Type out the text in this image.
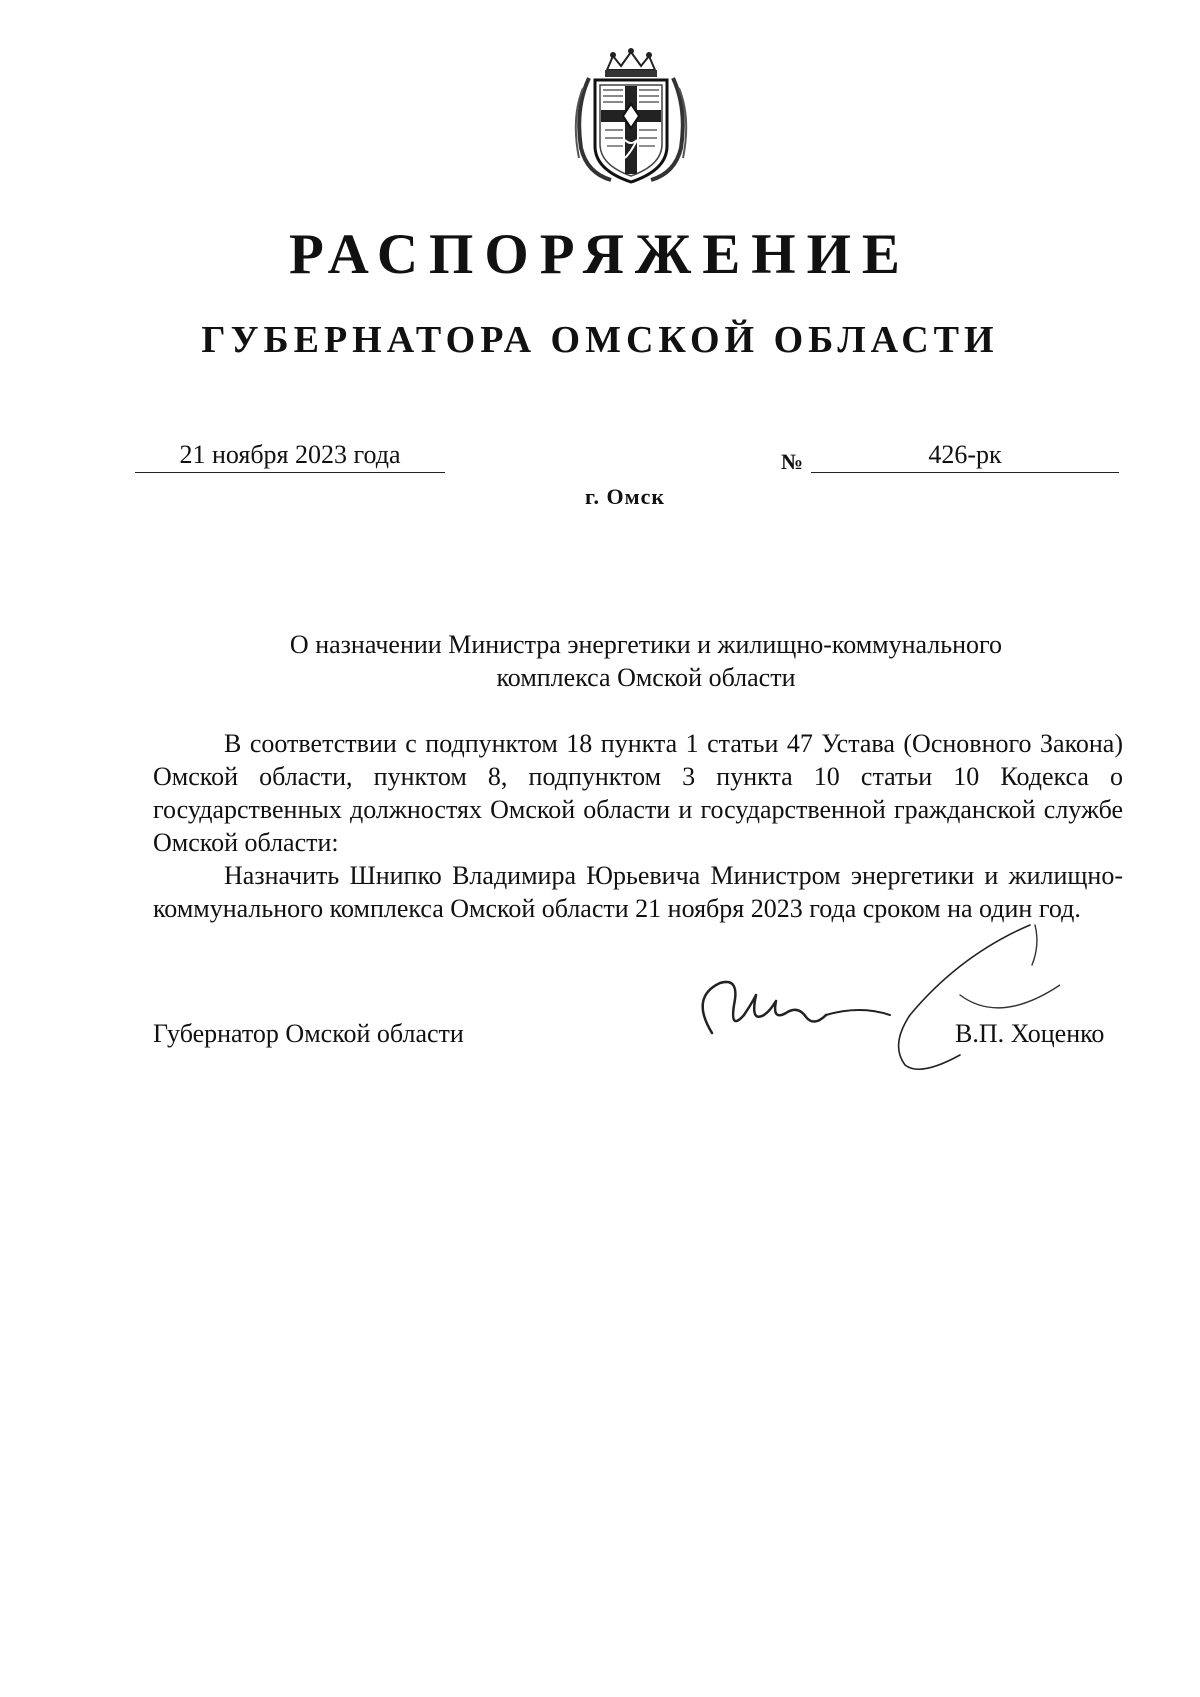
РАСПОРЯЖЕНИЕ
ГУБЕРНАТОРА ОМСКОЙ ОБЛАСТИ
21 ноября 2023 года	№	426-рк
г. Омск
О назначении Министра энергетики и жилищно-коммунального
комплекса Омской области

В соответствии с подпунктом 18 пункта 1 статьи 47 Устава (Основного Закона) Омской области, пунктом 8, подпунктом 3 пункта 10 статьи 10 Кодекса о государственных должностях Омской области и государственной гражданской службе Омской области:

Назначить Шнипко Владимира Юрьевича Министром энергетики и жилищно-коммунального комплекса Омской области 21 ноября 2023 года сроком на один год.

Губернатор Омской области	В.П. Хоценко
